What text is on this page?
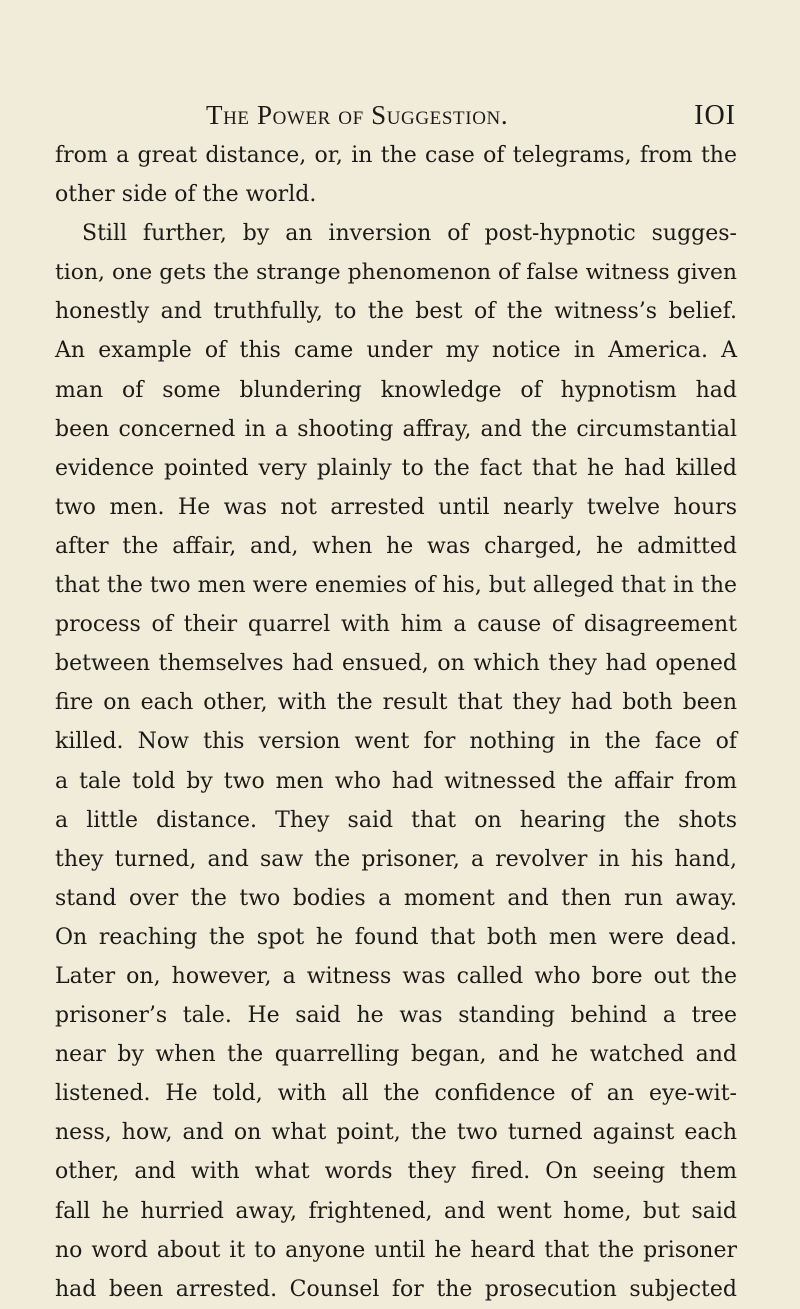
The Power of Suggestion.	IOI
from a great distance, or, in the case of telegrams, from the
other side of the world.
Still further, by an inversion of post-hypnotic sugges-
tion, one gets the strange phenomenon of false witness given
honestly and truthfully, to the best of the witness’s belief.
An example of this came under my notice in America. A
man of some blundering knowledge of hypnotism had
been concerned in a shooting affray, and the circumstantial
evidence pointed very plainly to the fact that he had killed
two men. He was not arrested until nearly twelve hours
after the affair, and, when he was charged, he admitted
that the two men were enemies of his, but alleged that in the
process of their quarrel with him a cause of disagreement
between themselves had ensued, on which they had opened
fire on each other, with the result that they had both been
killed. Now this version went for nothing in the face of
a tale told by two men who had witnessed the affair from
a little distance. They said that on hearing the shots
they turned, and saw the prisoner, a revolver in his hand,
stand over the two bodies a moment and then run away.
On reaching the spot he found that both men were dead.
Later on, however, a witness was called who bore out the
prisoner’s tale. He said he was standing behind a tree
near by when the quarrelling began, and he watched and
listened. He told, with all the confidence of an eye-wit-
ness, how, and on what point, the two turned against each
other, and with what words they fired. On seeing them
fall he hurried away, frightened, and went home, but said
no word about it to anyone until he heard that the prisoner
had been arrested. Counsel for the prosecution subjected
